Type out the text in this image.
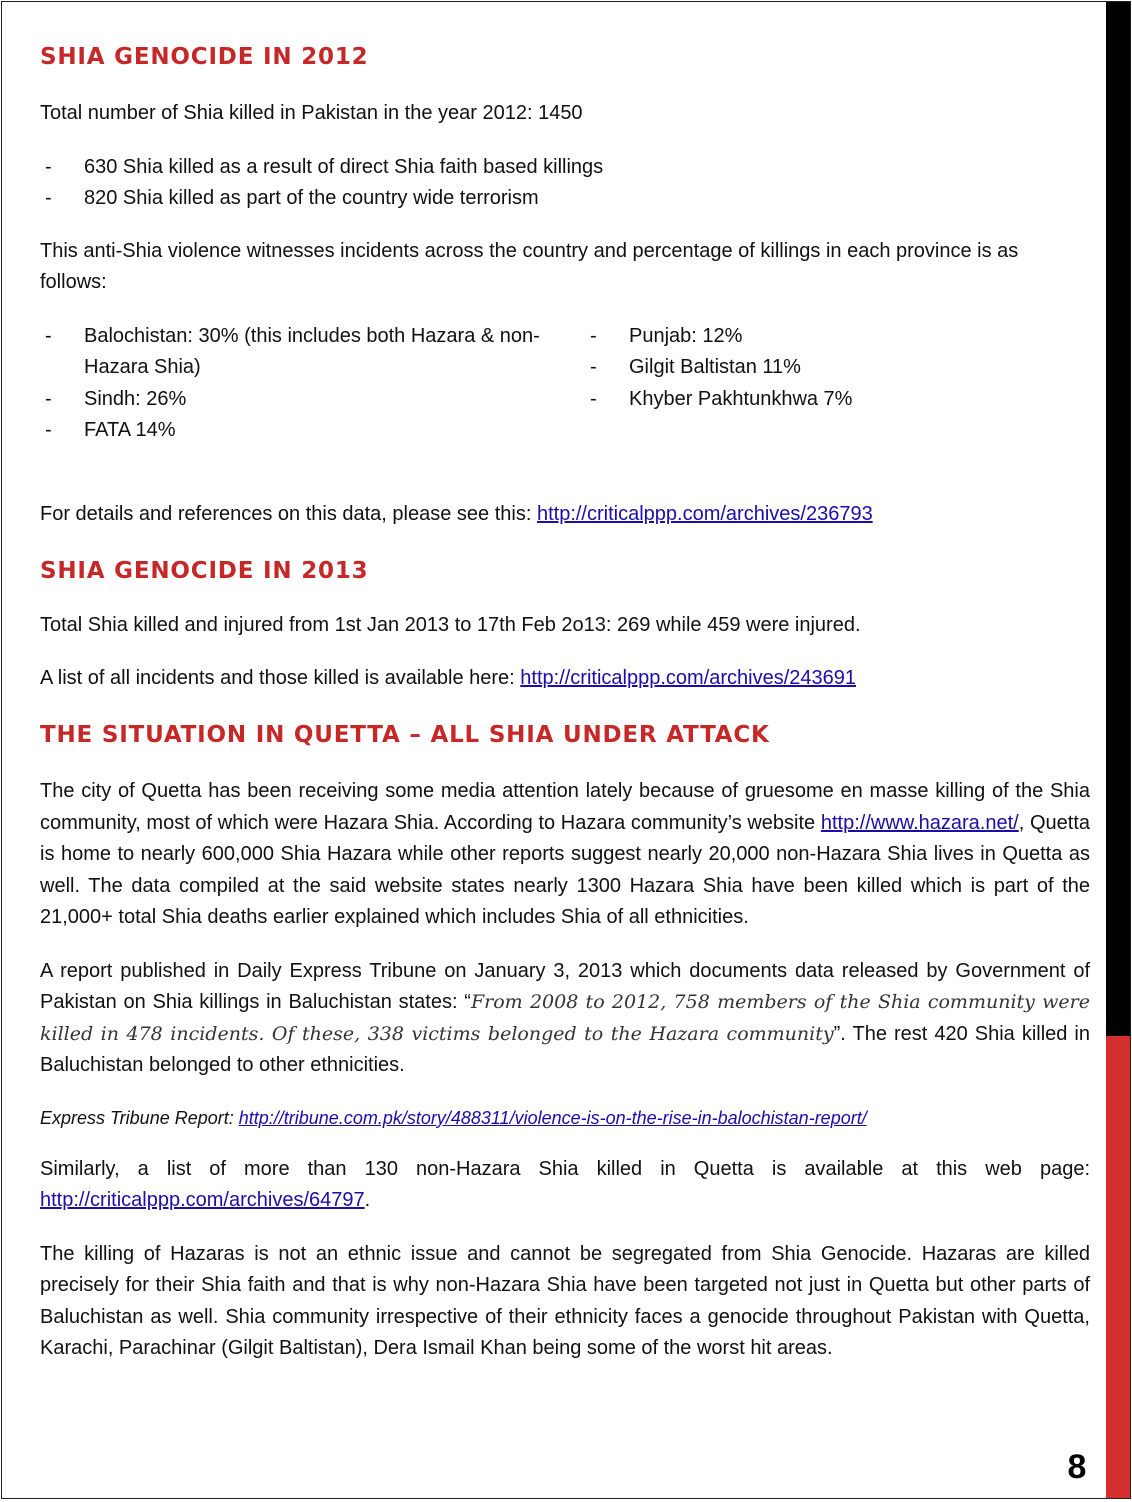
8
SHIA GENOCIDE IN 2012

Total number of Shia killed in Pakistan in the year 2012: 1450

- 630 Shia killed as a result of direct Shia faith based killings
- 820 Shia killed as part of the country wide terrorism

This anti-Shia violence witnesses incidents across the country and percentage of killings in each province is as follows:

- Balochistan: 30% (this includes both Hazara & non-Hazara Shia)
- Sindh: 26%
- FATA 14%
- Punjab: 12%
- Gilgit Baltistan 11%
- Khyber Pakhtunkhwa 7%

For details and references on this data, please see this: http://criticalppp.com/archives/236793

SHIA GENOCIDE IN 2013

Total Shia killed and injured from 1st Jan 2013 to 17th Feb 2o13: 269 while 459 were injured.

A list of all incidents and those killed is available here: http://criticalppp.com/archives/243691

THE SITUATION IN QUETTA – ALL SHIA UNDER ATTACK

The city of Quetta has been receiving some media attention lately because of gruesome en masse killing of the Shia community, most of which were Hazara Shia. According to Hazara community’s website http://www.hazara.net/, Quetta is home to nearly 600,000 Shia Hazara while other reports suggest nearly 20,000 non-Hazara Shia lives in Quetta as well. The data compiled at the said website states nearly 1300 Hazara Shia have been killed which is part of the 21,000+ total Shia deaths earlier explained which includes Shia of all ethnicities.

A report published in Daily Express Tribune on January 3, 2013 which documents data released by Government of Pakistan on Shia killings in Baluchistan states: “From 2008 to 2012, 758 members of the Shia community were killed in 478 incidents. Of these, 338 victims belonged to the Hazara community”. The rest 420 Shia killed in Baluchistan belonged to other ethnicities.

Express Tribune Report: http://tribune.com.pk/story/488311/violence-is-on-the-rise-in-balochistan-report/

Similarly, a list of more than 130 non-Hazara Shia killed in Quetta is available at this web page: http://criticalppp.com/archives/64797.

The killing of Hazaras is not an ethnic issue and cannot be segregated from Shia Genocide. Hazaras are killed precisely for their Shia faith and that is why non-Hazara Shia have been targeted not just in Quetta but other parts of Baluchistan as well. Shia community irrespective of their ethnicity faces a genocide throughout Pakistan with Quetta, Karachi, Parachinar (Gilgit Baltistan), Dera Ismail Khan being some of the worst hit areas.
